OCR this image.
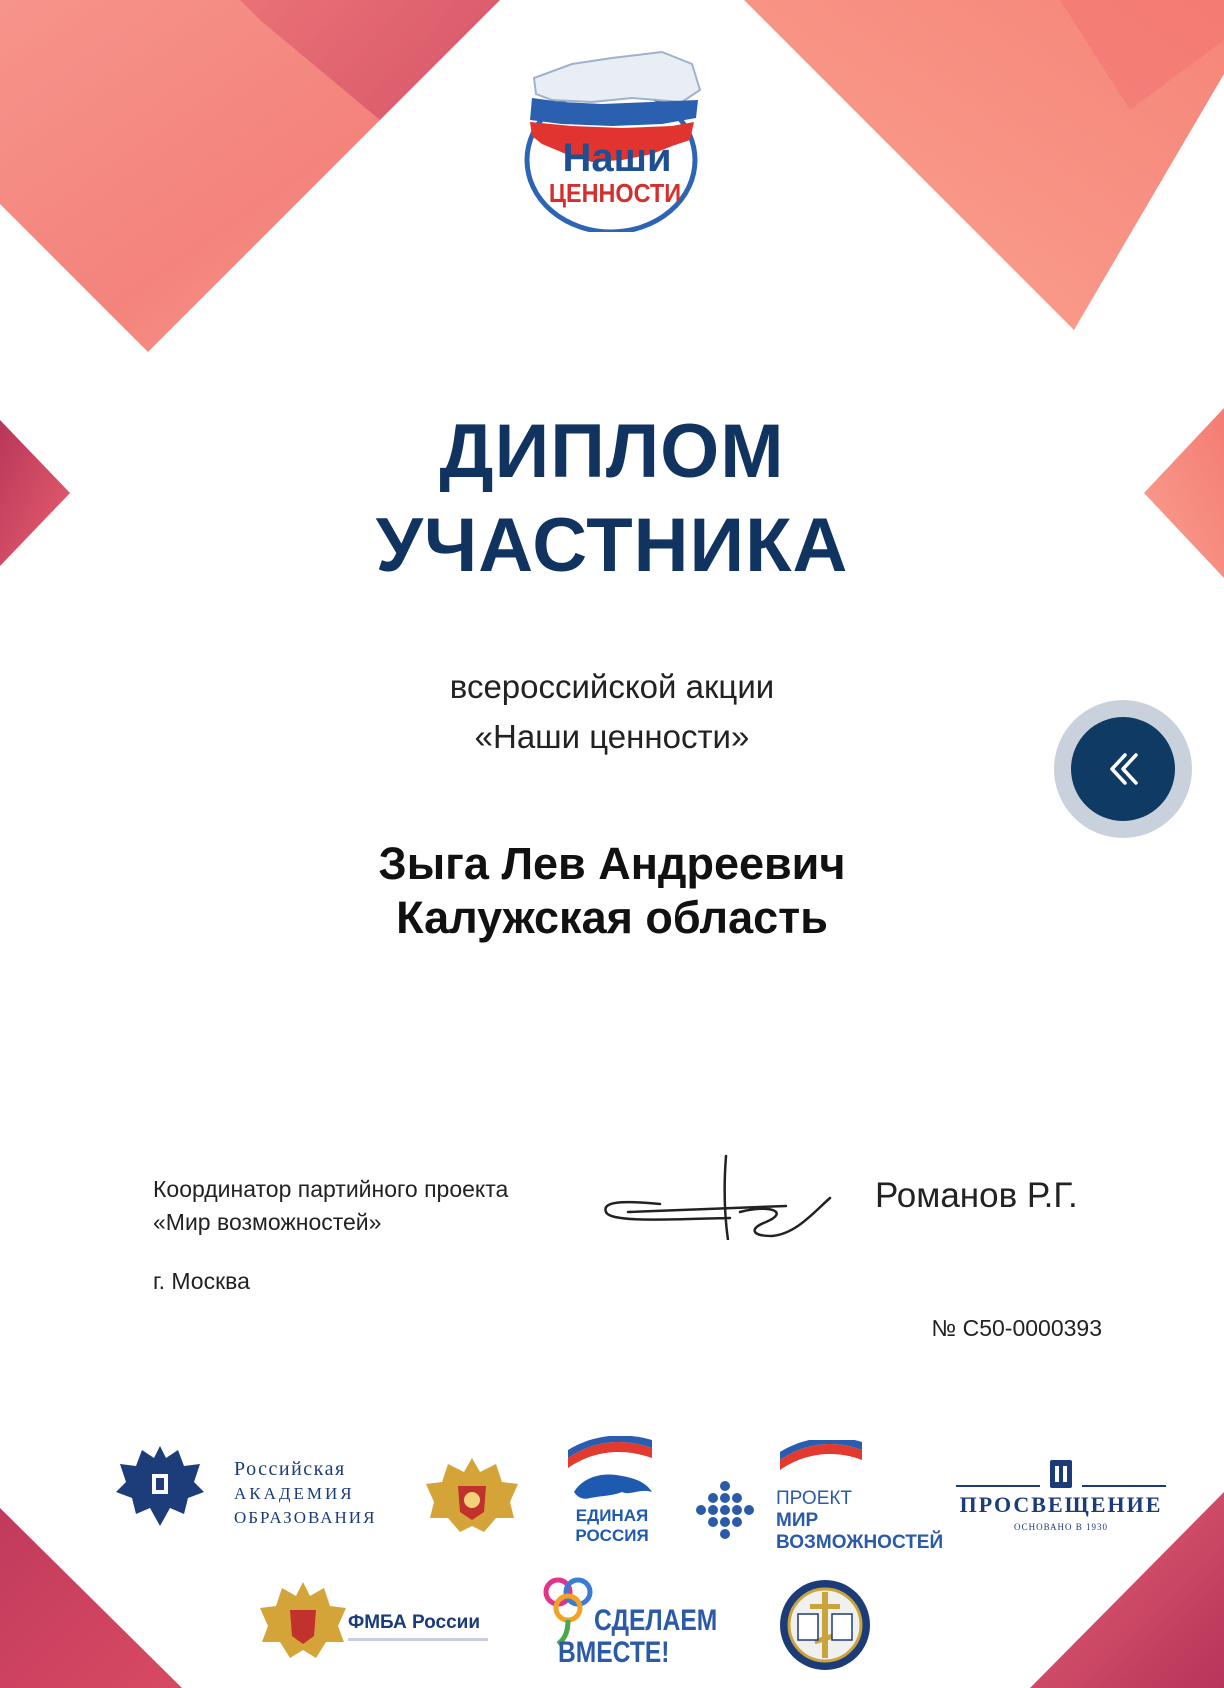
Наши
ЦЕННОСТИ
ДИПЛОМ
УЧАСТНИКА
всероссийской акции
«Наши ценности»
Зыга Лев Андреевич
Калужская область
Координатор партийного проекта
«Мир возможностей»
г. Москва
Романов Р.Г.
№ С50-0000393
Российская
АКАДЕМИЯ
ОБРАЗОВАНИЯ	ЕДИНАЯ
РОССИЯ
ПРОЕКТ
МИР
ВОЗМОЖНОСТЕЙ
ПРОСВЕЩЕНИЕ
ОСНОВАНО В 1930
ФМБА России	СДЕЛАЕМ
ВМЕСТЕ!
